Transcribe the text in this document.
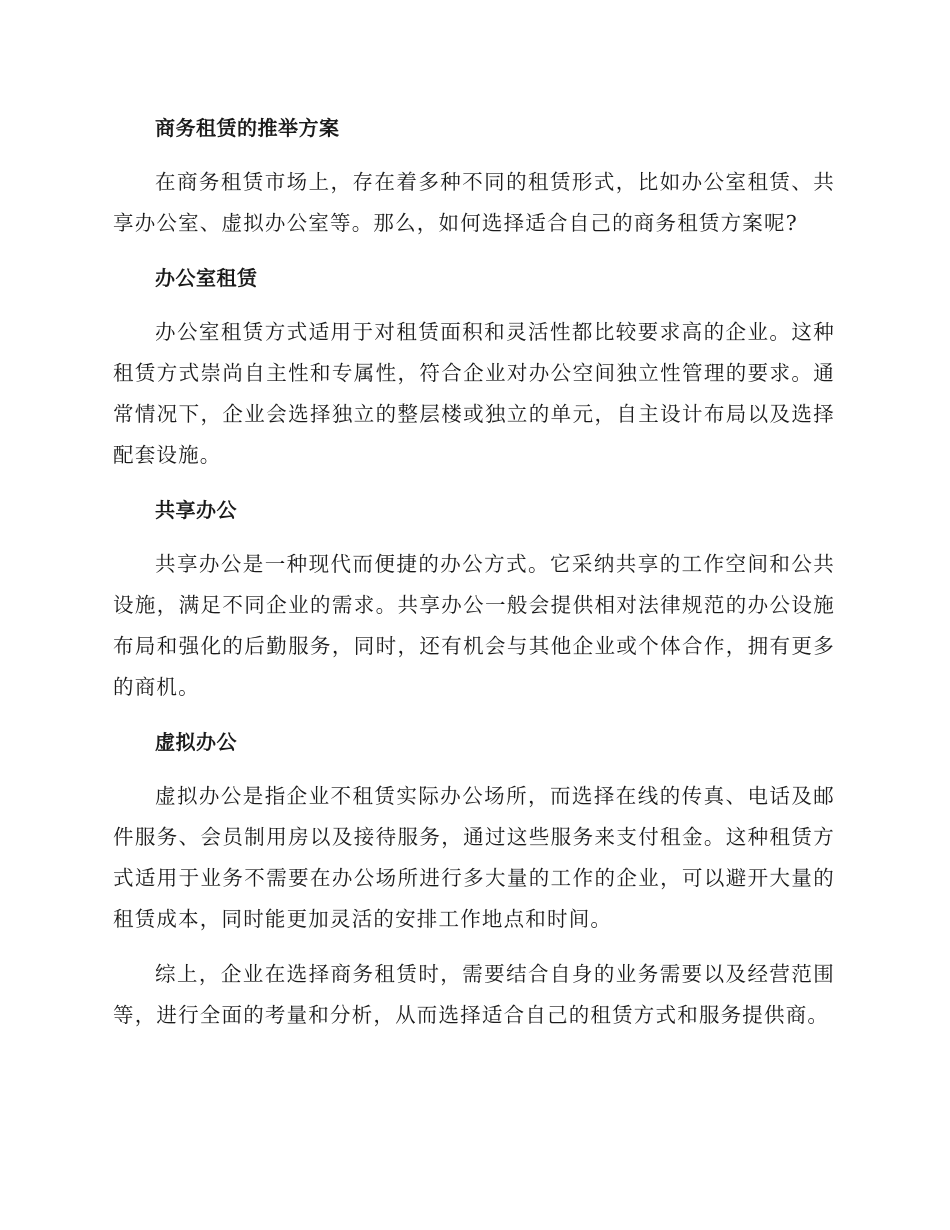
商务租赁的推举方案

在商务租赁市场上，存在着多种不同的租赁形式，比如办公室租赁、共享办公室、虚拟办公室等。那么，如何选择适合自己的商务租赁方案呢?

办公室租赁

办公室租赁方式适用于对租赁面积和灵活性都比较要求高的企业。这种租赁方式崇尚自主性和专属性，符合企业对办公空间独立性管理的要求。通常情况下，企业会选择独立的整层楼或独立的单元，自主设计布局以及选择配套设施。

共享办公

共享办公是一种现代而便捷的办公方式。它采纳共享的工作空间和公共设施，满足不同企业的需求。共享办公一般会提供相对法律规范的办公设施布局和强化的后勤服务，同时，还有机会与其他企业或个体合作，拥有更多的商机。

虚拟办公

虚拟办公是指企业不租赁实际办公场所，而选择在线的传真、电话及邮件服务、会员制用房以及接待服务，通过这些服务来支付租金。这种租赁方式适用于业务不需要在办公场所进行多大量的工作的企业，可以避开大量的租赁成本，同时能更加灵活的安排工作地点和时间。

综上，企业在选择商务租赁时，需要结合自身的业务需要以及经营范围等，进行全面的考量和分析，从而选择适合自己的租赁方式和服务提供商。
